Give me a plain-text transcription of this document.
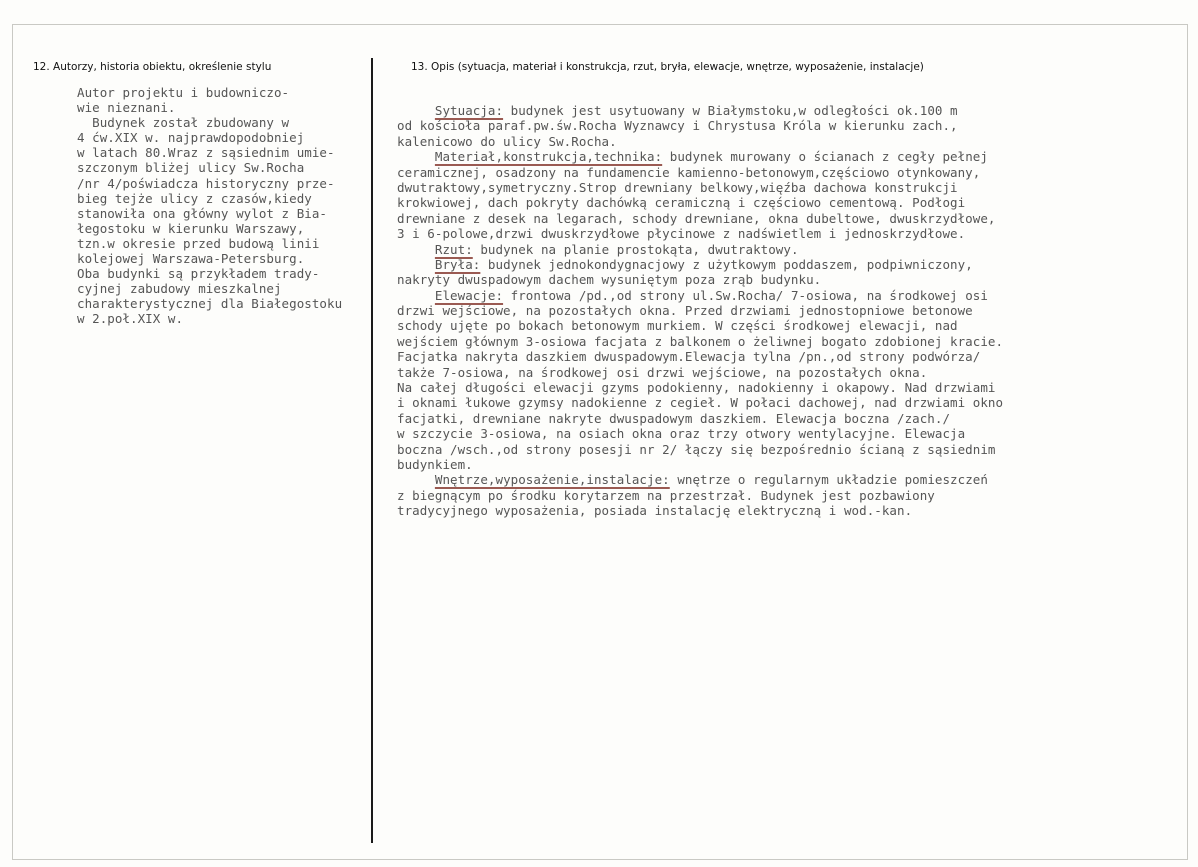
12. Autorzy, historia obiektu, określenie stylu	13. Opis (sytuacja, materiał i konstrukcja, rzut, bryła, elewacje, wnętrze, wyposażenie, instalacje)
Autor projektu i budowniczo-
wie nieznani.
Budynek został zbudowany w
4 ćw.XIX w. najprawdopodobniej
w latach 80.Wraz z sąsiednim umie-
szczonym bliżej ulicy Sw.Rocha
/nr 4/poświadcza historyczny prze-
bieg tejże ulicy z czasów,kiedy
stanowiła ona główny wylot z Bia-
łegostoku w kierunku Warszawy,
tzn.w okresie przed budową linii
kolejowej Warszawa-Petersburg.
Oba budynki są przykładem trady-
cyjnej zabudowy mieszkalnej
charakterystycznej dla Białegostoku
w 2.poł.XIX w.
Sytuacja: budynek jest usytuowany w Białymstoku,w odległości ok.100 m
od kościoła paraf.pw.św.Rocha Wyznawcy i Chrystusa Króla w kierunku zach.,
kalenicowo do ulicy Sw.Rocha.
Materiał,konstrukcja,technika: budynek murowany o ścianach z cegły pełnej
ceramicznej, osadzony na fundamencie kamienno-betonowym,częściowo otynkowany,
dwutraktowy,symetryczny.Strop drewniany belkowy,więźba dachowa konstrukcji
krokwiowej, dach pokryty dachówką ceramiczną i częściowo cementową. Podłogi
drewniane z desek na legarach, schody drewniane, okna dubeltowe, dwuskrzydłowe,
3 i 6-polowe,drzwi dwuskrzydłowe płycinowe z nadświetlem i jednoskrzydłowe.
Rzut: budynek na planie prostokąta, dwutraktowy.
Bryła: budynek jednokondygnacjowy z użytkowym poddaszem, podpiwniczony,
nakryty dwuspadowym dachem wysuniętym poza zrąb budynku.
Elewacje: frontowa /pd.,od strony ul.Sw.Rocha/ 7-osiowa, na środkowej osi
drzwi wejściowe, na pozostałych okna. Przed drzwiami jednostopniowe betonowe
schody ujęte po bokach betonowym murkiem. W części środkowej elewacji, nad
wejściem głównym 3-osiowa facjata z balkonem o żeliwnej bogato zdobionej kracie.
Facjatka nakryta daszkiem dwuspadowym.Elewacja tylna /pn.,od strony podwórza/
także 7-osiowa, na środkowej osi drzwi wejściowe, na pozostałych okna.
Na całej długości elewacji gzyms podokienny, nadokienny i okapowy. Nad drzwiami
i oknami łukowe gzymsy nadokienne z cegieł. W połaci dachowej, nad drzwiami okno
facjatki, drewniane nakryte dwuspadowym daszkiem. Elewacja boczna /zach./
w szczycie 3-osiowa, na osiach okna oraz trzy otwory wentylacyjne. Elewacja
boczna /wsch.,od strony posesji nr 2/ łączy się bezpośrednio ścianą z sąsiednim
budynkiem.
Wnętrze,wyposażenie,instalacje: wnętrze o regularnym układzie pomieszczeń
z biegnącym po środku korytarzem na przestrzał. Budynek jest pozbawiony
tradycyjnego wyposażenia, posiada instalację elektryczną i wod.-kan.
